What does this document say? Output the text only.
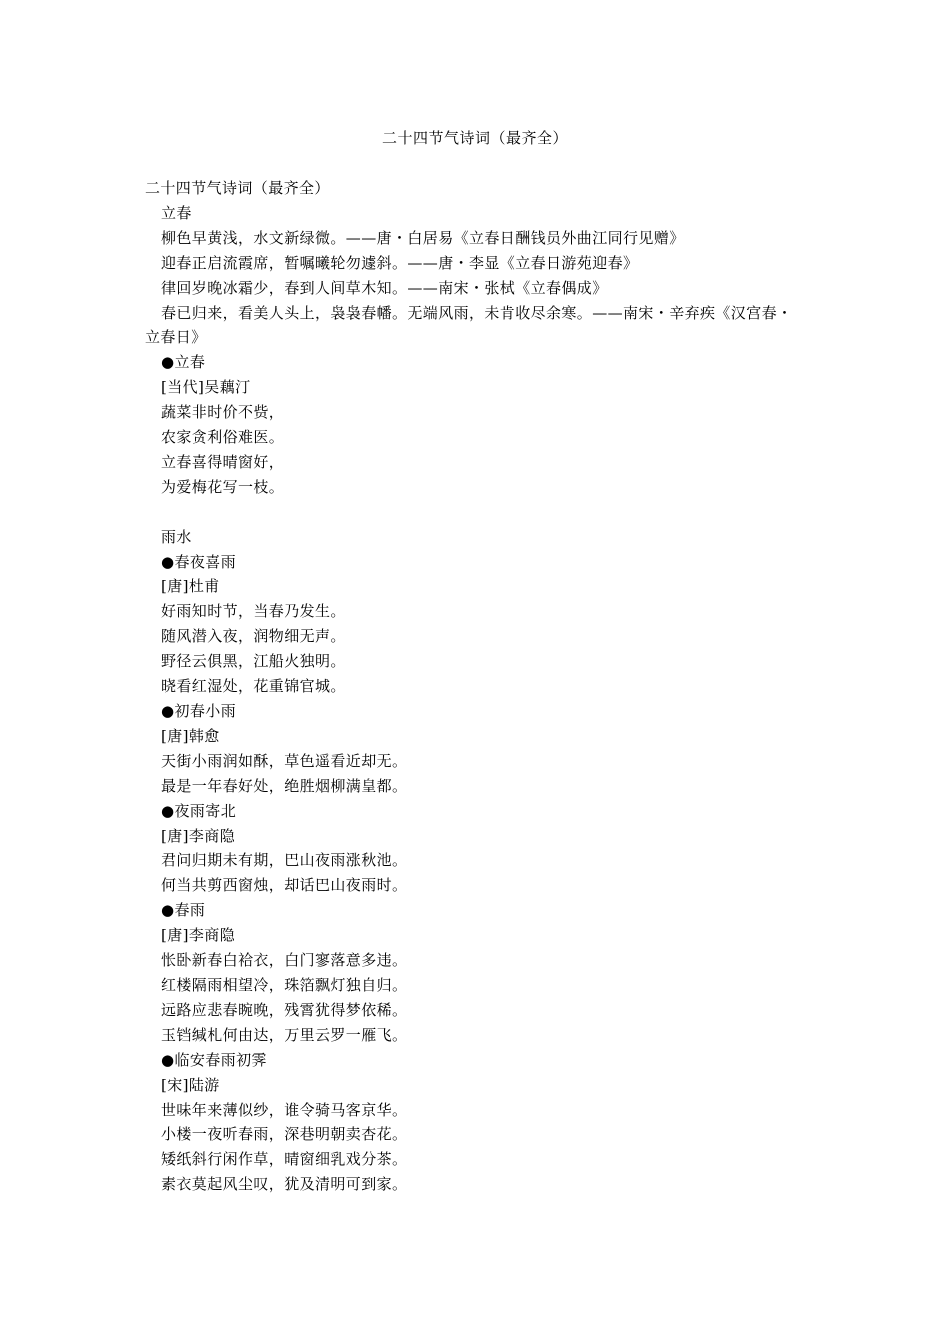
二十四节气诗词（最齐全）
二十四节气诗词（最齐全）
立春
柳色早黄浅，水文新绿微。——唐・白居易《立春日酬钱员外曲江同行见赠》
迎春正启流霞席，暂嘱曦轮勿遽斜。——唐・李显《立春日游苑迎春》
律回岁晚冰霜少，春到人间草木知。——南宋・张栻《立春偶成》
春已归来，看美人头上，袅袅春幡。无端风雨，未肯收尽余寒。——南宋・辛弃疾《汉宫春・立春日》
●立春
[当代]吴藕汀
蔬菜非时价不赀，
农家贪利俗难医。
立春喜得晴窗好，
为爱梅花写一枝。
雨水
●春夜喜雨
[唐]杜甫
好雨知时节，当春乃发生。
随风潜入夜，润物细无声。
野径云俱黑，江船火独明。
晓看红湿处，花重锦官城。
●初春小雨
[唐]韩愈
天街小雨润如酥，草色遥看近却无。
最是一年春好处，绝胜烟柳满皇都。
●夜雨寄北
[唐]李商隐
君问归期未有期，巴山夜雨涨秋池。
何当共剪西窗烛，却话巴山夜雨时。
●春雨
[唐]李商隐
怅卧新春白袷衣，白门寥落意多违。
红楼隔雨相望冷，珠箔飘灯独自归。
远路应悲春晼晚，残霄犹得梦依稀。
玉铛缄札何由达，万里云罗一雁飞。
●临安春雨初霁
[宋]陆游
世味年来薄似纱，谁令骑马客京华。
小楼一夜听春雨，深巷明朝卖杏花。
矮纸斜行闲作草，晴窗细乳戏分茶。
素衣莫起风尘叹，犹及清明可到家。
